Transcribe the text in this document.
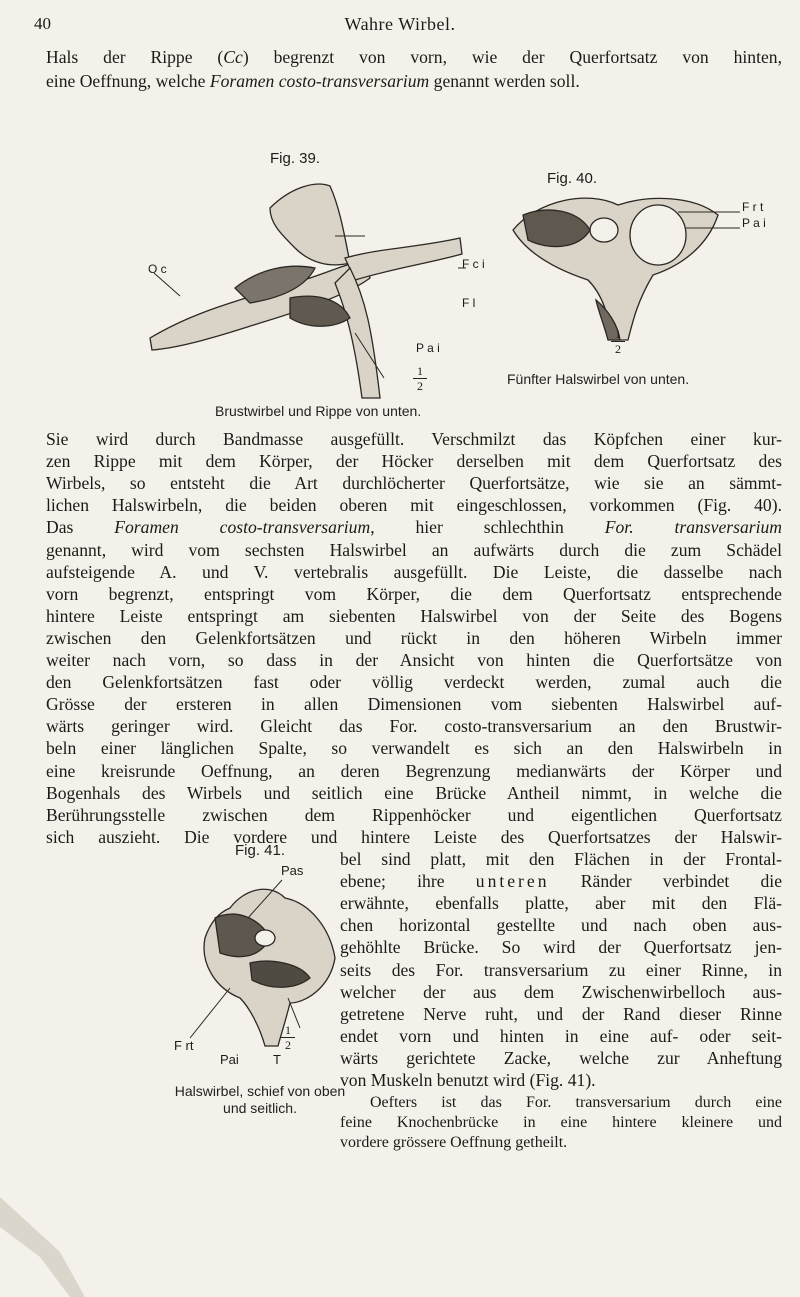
40	Wahre Wirbel.
Hals der Rippe (Cc) begrenzt von vorn, wie der Querfortsatz von hinten,
eine Oeffnung, welche Foramen costo-transversarium genannt werden soll.
Fig. 39.
O c	F c i
F l
P a i
1
2
Brustwirbel und Rippe von unten.
Fig. 40.
F r t
P a i
1
2
Fünfter Halswirbel von unten.
Sie wird durch Bandmasse ausgefüllt. Verschmilzt das Köpfchen einer kur-
zen Rippe mit dem Körper, der Höcker derselben mit dem Querfortsatz des
Wirbels, so entsteht die Art durchlöcherter Querfortsätze, wie sie an sämmt-
lichen Halswirbeln, die beiden oberen mit eingeschlossen, vorkommen (Fig. 40).
Das Foramen costo-transversarium, hier schlechthin For. transversarium
genannt, wird vom sechsten Halswirbel an aufwärts durch die zum Schädel
aufsteigende A. und V. vertebralis ausgefüllt. Die Leiste, die dasselbe nach
vorn begrenzt, entspringt vom Körper, die dem Querfortsatz entsprechende
hintere Leiste entspringt am siebenten Halswirbel von der Seite des Bogens
zwischen den Gelenkfortsätzen und rückt in den höheren Wirbeln immer
weiter nach vorn, so dass in der Ansicht von hinten die Querfortsätze von
den Gelenkfortsätzen fast oder völlig verdeckt werden, zumal auch die
Grösse der ersteren in allen Dimensionen vom siebenten Halswirbel auf-
wärts geringer wird. Gleicht das For. costo-transversarium an den Brustwir-
beln einer länglichen Spalte, so verwandelt es sich an den Halswirbeln in
eine kreisrunde Oeffnung, an deren Begrenzung medianwärts der Körper und
Bogenhals des Wirbels und seitlich eine Brücke Antheil nimmt, in welche die
Berührungsstelle zwischen dem Rippenhöcker und eigentlichen Querfortsatz
sich auszieht. Die vordere und hintere Leiste des Querfortsatzes der Halswir-
Fig. 41.
Pas
F rt
Pai	T
1
2
Halswirbel, schief von oben
und seitlich.
bel sind platt, mit den Flächen in der Frontal-
ebene; ihre unteren Ränder verbindet die
erwähnte, ebenfalls platte, aber mit den Flä-
chen horizontal gestellte und nach oben aus-
gehöhlte Brücke. So wird der Querfortsatz jen-
seits des For. transversarium zu einer Rinne, in
welcher der aus dem Zwischenwirbelloch aus-
getretene Nerve ruht, und der Rand dieser Rinne
endet vorn und hinten in eine auf- oder seit-
wärts gerichtete Zacke, welche zur Anheftung
von Muskeln benutzt wird (Fig. 41).
Oefters ist das For. transversarium durch eine
feine Knochenbrücke in eine hintere kleinere und
vordere grössere Oeffnung getheilt.
